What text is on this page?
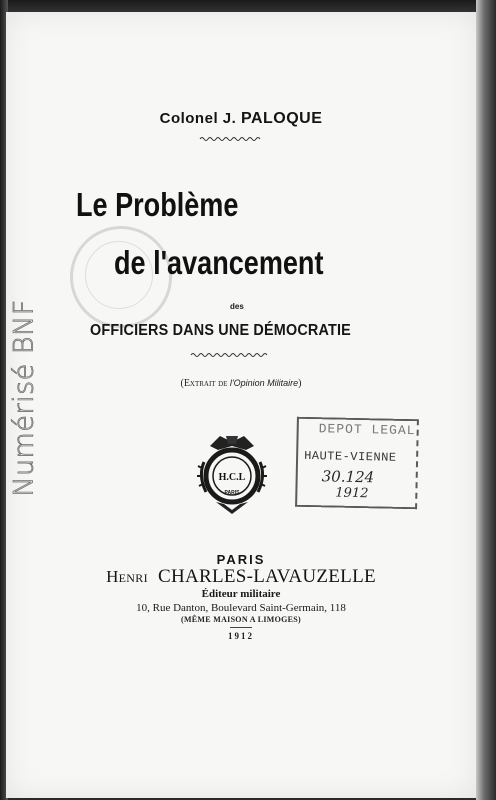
Numérisé BNF
Colonel J. PALOQUE
Le Problème
de l'avancement
des
OFFICIERS DANS UNE DÉMOCRATIE
(Extrait de l'Opinion Militaire)
H.C.L
PARIS
DEPOT LEGAL
HAUTE-VIENNE
30.124
1912
PARIS
Henri CHARLES-LAVAUZELLE
Éditeur militaire
10, Rue Danton, Boulevard Saint-Germain, 118
(MÊME MAISON A LIMOGES)
1912
